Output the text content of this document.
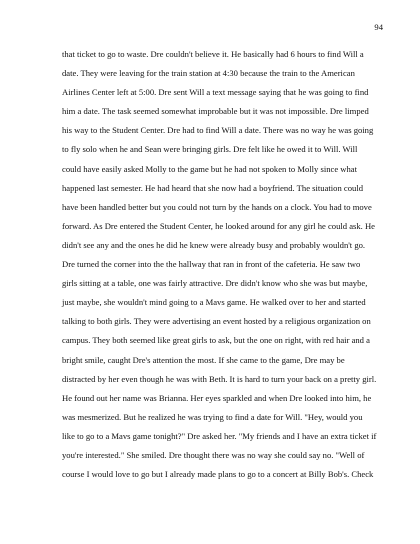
94
that ticket to go to waste. Dre couldn't believe it. He basically had 6 hours to find Will a
date. They were leaving for the train station at 4:30 because the train to the American
Airlines Center left at 5:00. Dre sent Will a text message saying that he was going to find
him a date. The task seemed somewhat improbable but it was not impossible. Dre limped
his way to the Student Center. Dre had to find Will a date. There was no way he was going
to fly solo when he and Sean were bringing girls. Dre felt like he owed it to Will. Will
could have easily asked Molly to the game but he had not spoken to Molly since what
happened last semester. He had heard that she now had a boyfriend. The situation could
have been handled better but you could not turn by the hands on a clock. You had to move
forward. As Dre entered the Student Center, he looked around for any girl he could ask. He
didn't see any and the ones he did he knew were already busy and probably wouldn't go.
Dre turned the corner into the the hallway that ran in front of the cafeteria. He saw two
girls sitting at a table, one was fairly attractive. Dre didn't know who she was but maybe,
just maybe, she wouldn't mind going to a Mavs game. He walked over to her and started
talking to both girls. They were advertising an event hosted by a religious organization on
campus. They both seemed like great girls to ask, but the one on right, with red hair and a
bright smile, caught Dre's attention the most. If she came to the game, Dre may be
distracted by her even though he was with Beth. It is hard to turn your back on a pretty girl.
He found out her name was Brianna. Her eyes sparkled and when Dre looked into him, he
was mesmerized. But he realized he was trying to find a date for Will. "Hey, would you
like to go to a Mavs game tonight?" Dre asked her. "My friends and I have an extra ticket if
you're interested." She smiled. Dre thought there was no way she could say no. "Well of
course I would love to go but I already made plans to go to a concert at Billy Bob's. Check
